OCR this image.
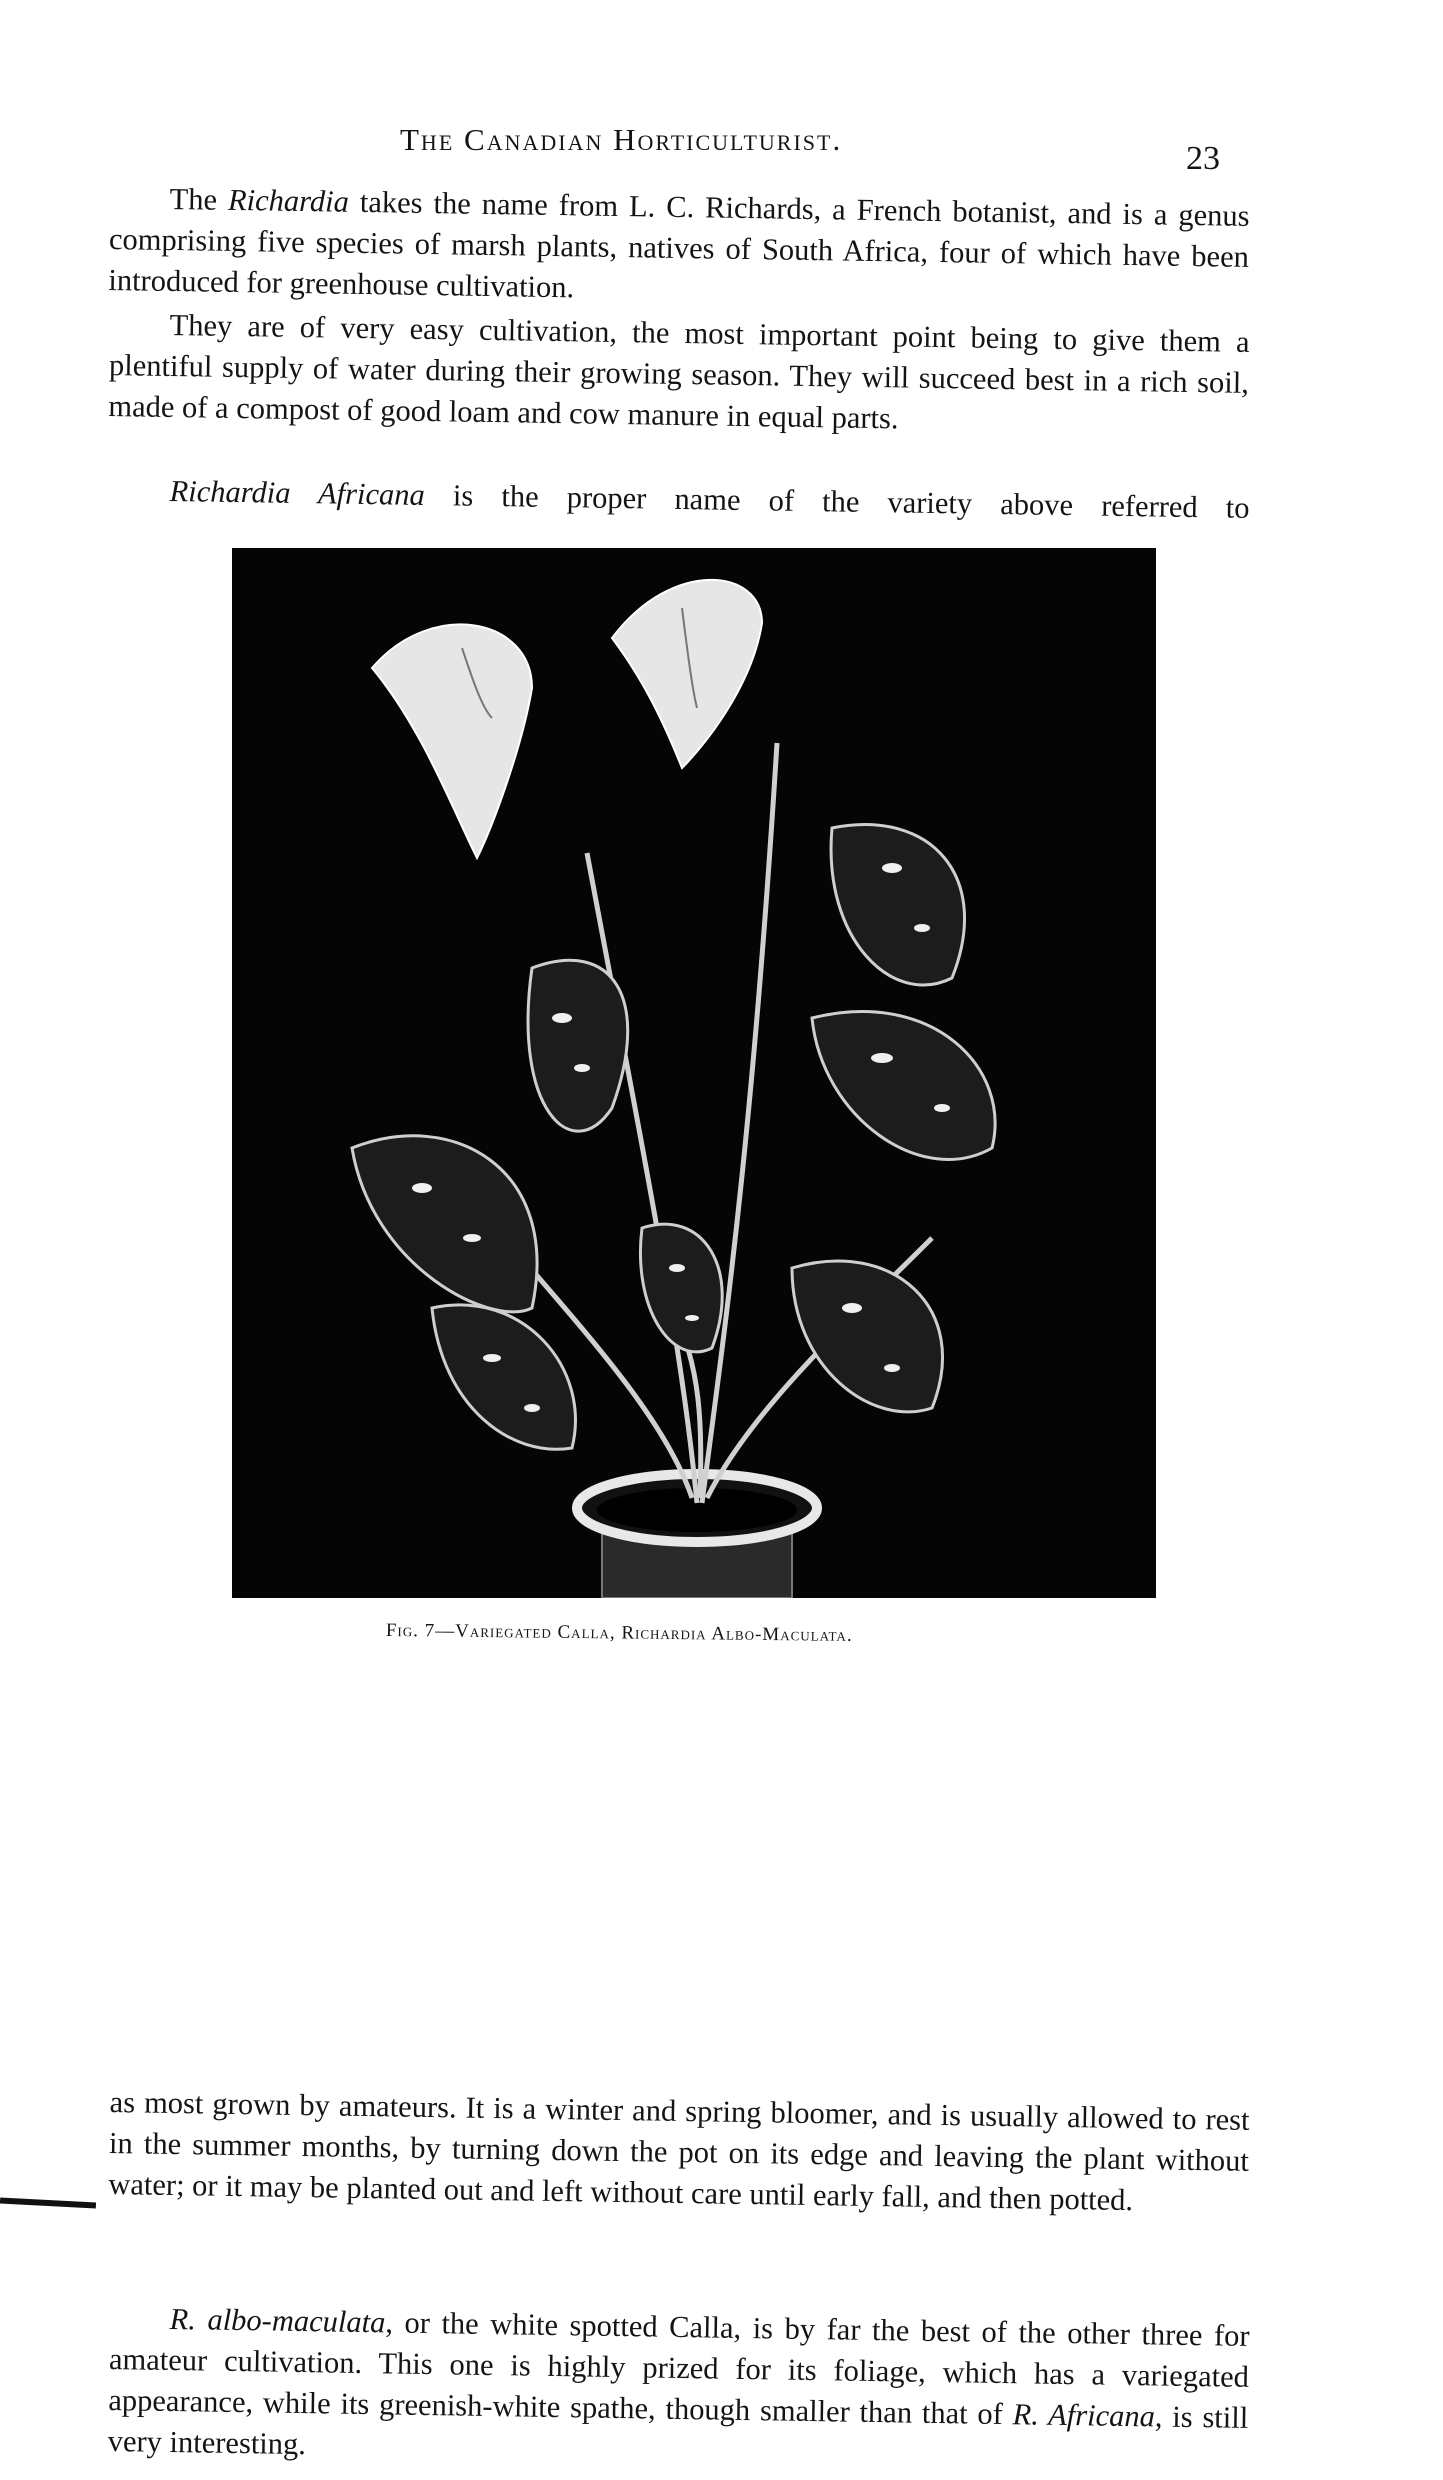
The Canadian Horticulturist.
23
The Richardia takes the name from L. C. Richards, a French botanist, and is a genus comprising five species of marsh plants, natives of South Africa, four of which have been introduced for greenhouse cultivation.
They are of very easy cultivation, the most important point being to give them a plentiful supply of water during their growing season. They will succeed best in a rich soil, made of a compost of good loam and cow manure in equal parts.
Richardia Africana is the proper name of the variety above referred to
Fig. 7—Variegated Calla, Richardia Albo-Maculata.
as most grown by amateurs. It is a winter and spring bloomer, and is usually allowed to rest in the summer months, by turning down the pot on its edge and leaving the plant without water; or it may be planted out and left without care until early fall, and then potted.
R. albo-maculata, or the white spotted Calla, is by far the best of the other three for amateur cultivation. This one is highly prized for its foliage, which has a variegated appearance, while its greenish-white spathe, though smaller than that of R. Africana, is still very interesting.
